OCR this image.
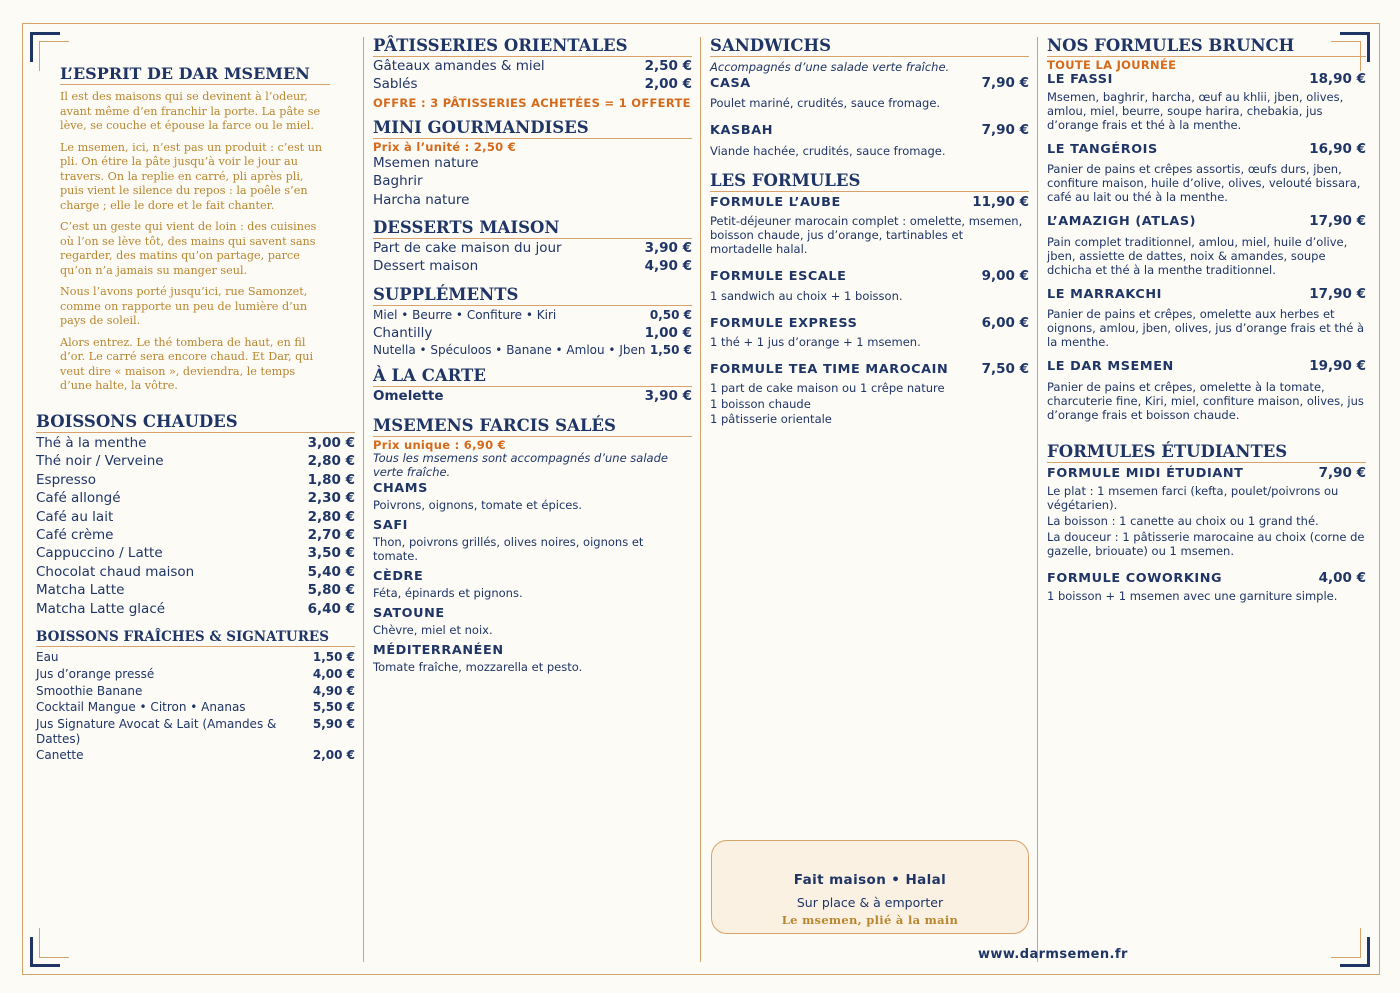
L’ESPRIT DE DAR MSEMEN

Il est des maisons qui se devinent à l’odeur, avant même d’en franchir la porte. La pâte se lève, se couche et épouse la farce ou le miel.

Le msemen, ici, n’est pas un produit : c’est un pli. On étire la pâte jusqu’à voir le jour au travers. On la replie en carré, pli après pli, puis vient le silence du repos : la poêle s’en charge ; elle le dore et le fait chanter.

C’est un geste qui vient de loin : des cuisines où l’on se lève tôt, des mains qui savent sans regarder, des matins qu’on partage, parce qu’on n’a jamais su manger seul.

Nous l’avons porté jusqu’ici, rue Samonzet, comme on rapporte un peu de lumière d’un pays de soleil.

Alors entrez. Le thé tombera de haut, en fil d’or. Le carré sera encore chaud. Et Dar, qui veut dire « maison », deviendra, le temps d’une halte, la vôtre.

BOISSONS CHAUDES
Thé à la menthe	3,00 €
Thé noir / Verveine	2,80 €
Espresso	1,80 €
Café allongé	2,30 €
Café au lait	2,80 €
Café crème	2,70 €
Cappuccino / Latte	3,50 €
Chocolat chaud maison	5,40 €
Matcha Latte	5,80 €
Matcha Latte glacé	6,40 €
BOISSONS FRAÎCHES & SIGNATURES
Eau	1,50 €
Jus d’orange pressé	4,00 €
Smoothie Banane	4,90 €
Cocktail Mangue • Citron • Ananas	5,50 €
Jus Signature Avocat & Lait (Amandes & Dattes)
5,90 €
Canette	2,00 €
PÂTISSERIES ORIENTALES
Gâteaux amandes & miel	2,50 €
Sablés	2,00 €
OFFRE : 3 PÂTISSERIES ACHETÉES = 1 OFFERTE
MINI GOURMANDISES
Prix à l’unité : 2,50 €
Msemen nature
Baghrir
Harcha nature
DESSERTS MAISON
Part de cake maison du jour	3,90 €
Dessert maison	4,90 €
SUPPLÉMENTS
Miel • Beurre • Confiture • Kiri	0,50 €
Chantilly	1,00 €
Nutella • Spéculoos • Banane • Amlou • Jben 1,50 €
À LA CARTE
Omelette	3,90 €
MSEMENS FARCIS SALÉS
Prix unique : 6,90 €
Tous les msemens sont accompagnés d’une salade verte fraîche.
CHAMS
Poivrons, oignons, tomate et épices.
SAFI
Thon, poivrons grillés, olives noires, oignons et tomate.
CÈDRE
Féta, épinards et pignons.
SATOUNE
Chèvre, miel et noix.
MÉDITERRANÉEN
Tomate fraîche, mozzarella et pesto.
SANDWICHS
Accompagnés d’une salade verte fraîche.
CASA	7,90 €
Poulet mariné, crudités, sauce fromage.
KASBAH	7,90 €
Viande hachée, crudités, sauce fromage.
LES FORMULES
FORMULE L’AUBE	11,90 €
Petit-déjeuner marocain complet : omelette, msemen, boisson chaude, jus d’orange, tartinables et mortadelle halal.
FORMULE ESCALE	9,00 €
1 sandwich au choix + 1 boisson.
FORMULE EXPRESS	6,00 €
1 thé + 1 jus d’orange + 1 msemen.
FORMULE TEA TIME MAROCAIN 7,50 €
1 part de cake maison ou 1 crêpe nature
1 boisson chaude
1 pâtisserie orientale
Fait maison • Halal
Sur place & à emporter
Le msemen, plié à la main
www.darmsemen.fr
NOS FORMULES BRUNCH
TOUTE LA JOURNÉE
LE FASSI	18,90 €
Msemen, baghrir, harcha, œuf au khlii, jben, olives, amlou, miel, beurre, soupe harira, chebakia, jus d’orange frais et thé à la menthe.
LE TANGÉROIS	16,90 €
Panier de pains et crêpes assortis, œufs durs, jben, confiture maison, huile d’olive, olives, velouté bissara, café au lait ou thé à la menthe.
L’AMAZIGH (ATLAS)	17,90 €
Pain complet traditionnel, amlou, miel, huile d’olive, jben, assiette de dattes, noix & amandes, soupe dchicha et thé à la menthe traditionnel.
LE MARRAKCHI	17,90 €
Panier de pains et crêpes, omelette aux herbes et oignons, amlou, jben, olives, jus d’orange frais et thé à la menthe.
LE DAR MSEMEN	19,90 €
Panier de pains et crêpes, omelette à la tomate, charcuterie fine, Kiri, miel, confiture maison, olives, jus d’orange frais et boisson chaude.
FORMULES ÉTUDIANTES
FORMULE MIDI ÉTUDIANT	7,90 €
Le plat : 1 msemen farci (kefta, poulet/poivrons ou végétarien).
La boisson : 1 canette au choix ou 1 grand thé.
La douceur : 1 pâtisserie marocaine au choix (corne de gazelle, briouate) ou 1 msemen.
FORMULE COWORKING	4,00 €
1 boisson + 1 msemen avec une garniture simple.
